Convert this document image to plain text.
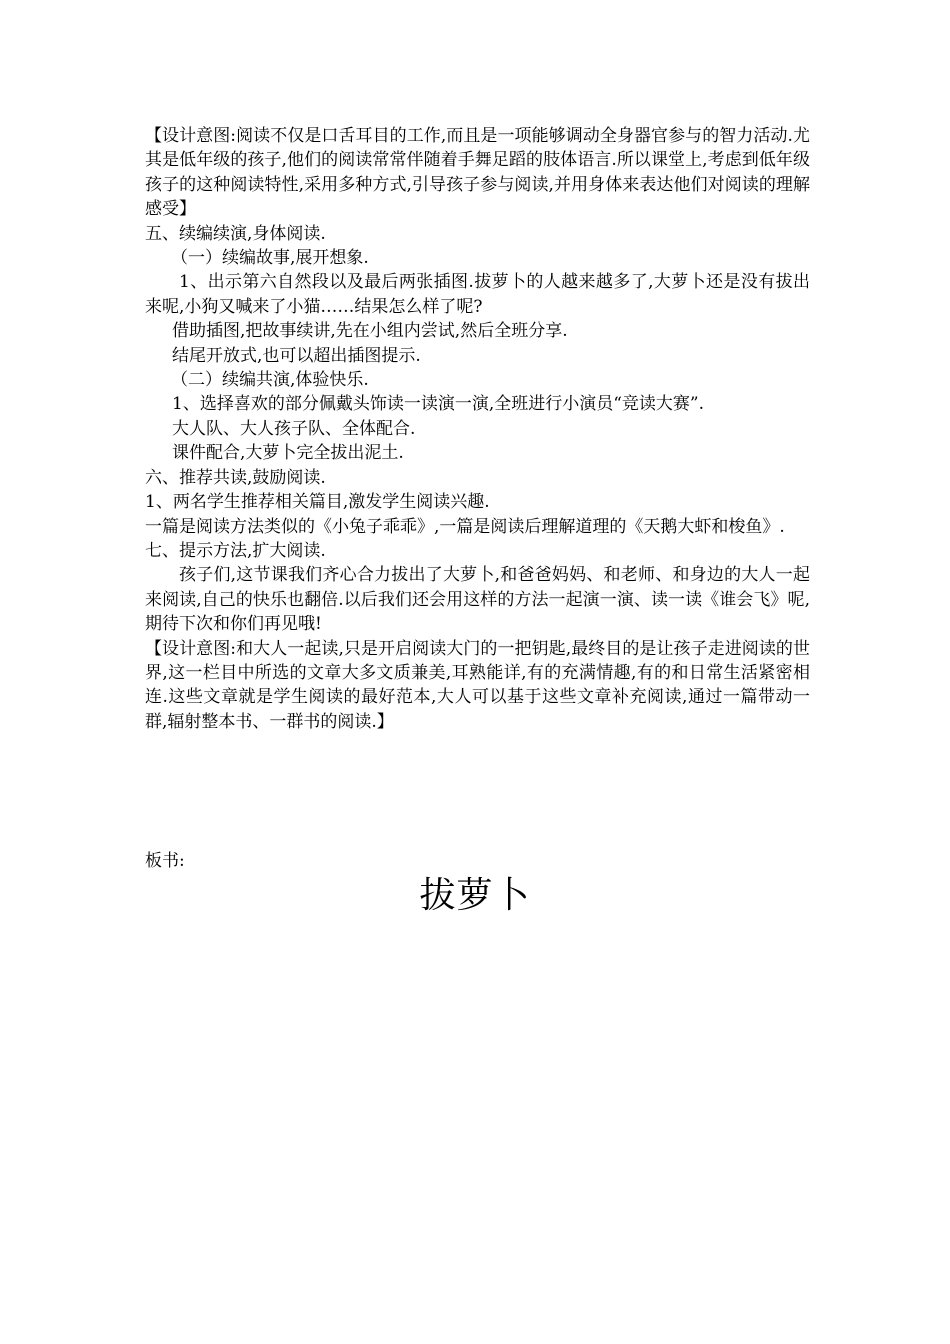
【设计意图:阅读不仅是口舌耳目的工作,而且是一项能够调动全身器官参与的智力活动.尤其是低年级的孩子,他们的阅读常常伴随着手舞足蹈的肢体语言.所以课堂上,考虑到低年级孩子的这种阅读特性,采用多种方式,引导孩子参与阅读,并用身体来表达他们对阅读的理解感受】

五、续编续演,身体阅读.

（一）续编故事,展开想象.

1、出示第六自然段以及最后两张插图.拔萝卜的人越来越多了,大萝卜还是没有拔出来呢,小狗又喊来了小猫……结果怎么样了呢?

借助插图,把故事续讲,先在小组内尝试,然后全班分享.

结尾开放式,也可以超出插图提示.

（二）续编共演,体验快乐.

1、选择喜欢的部分佩戴头饰读一读演一演,全班进行小演员“竞读大赛”.

大人队、大人孩子队、全体配合.

课件配合,大萝卜完全拔出泥土.

六、推荐共读,鼓励阅读.

1、两名学生推荐相关篇目,激发学生阅读兴趣.

一篇是阅读方法类似的《小兔子乖乖》,一篇是阅读后理解道理的《天鹅大虾和梭鱼》.

七、提示方法,扩大阅读.

孩子们,这节课我们齐心合力拔出了大萝卜,和爸爸妈妈、和老师、和身边的大人一起来阅读,自己的快乐也翻倍.以后我们还会用这样的方法一起演一演、读一读《谁会飞》呢,期待下次和你们再见哦!

【设计意图:和大人一起读,只是开启阅读大门的一把钥匙,最终目的是让孩子走进阅读的世界,这一栏目中所选的文章大多文质兼美,耳熟能详,有的充满情趣,有的和日常生活紧密相连.这些文章就是学生阅读的最好范本,大人可以基于这些文章补充阅读,通过一篇带动一群,辐射整本书、一群书的阅读.】

板书:

拔萝卜
